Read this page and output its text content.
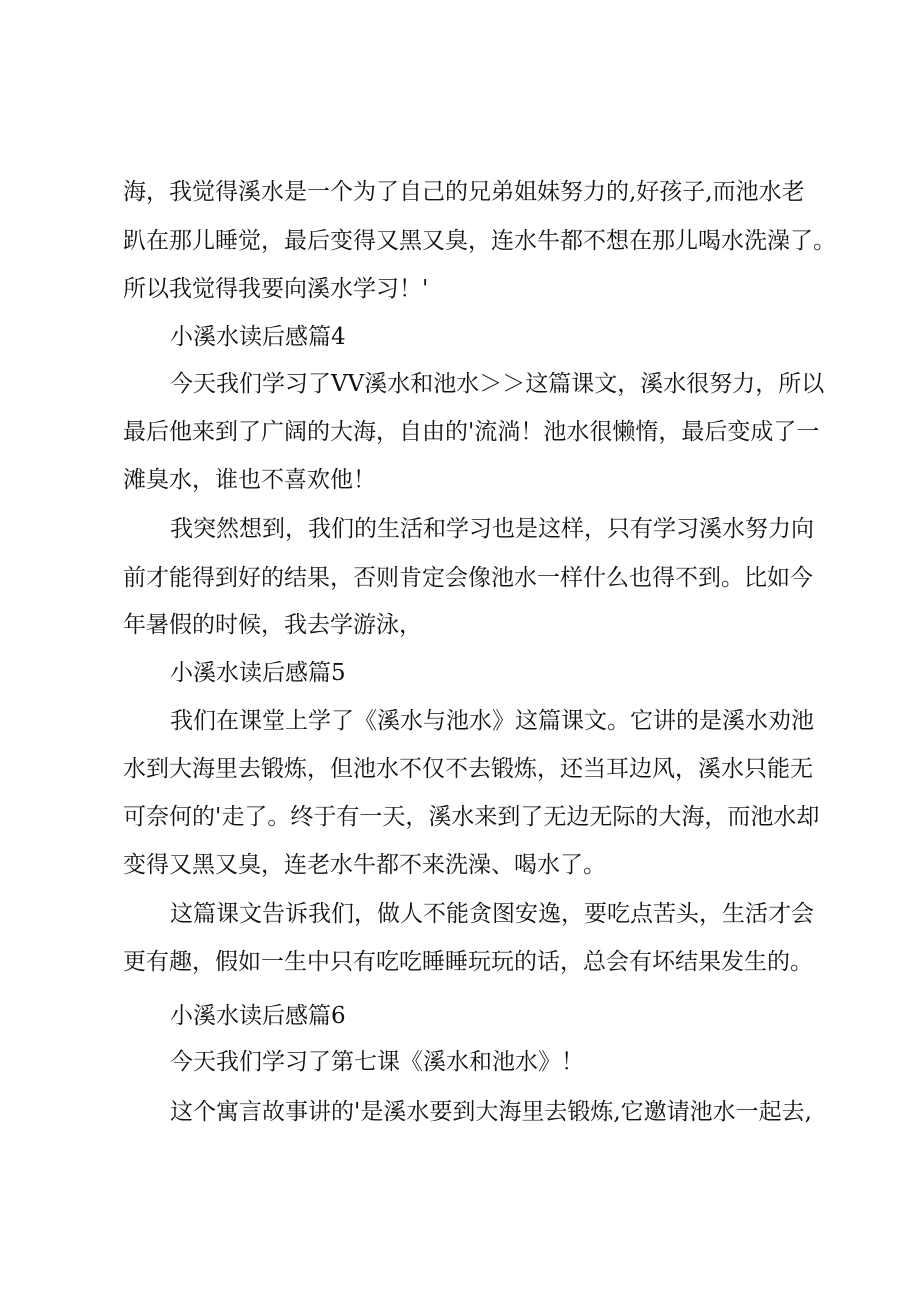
海，我觉得溪水是一个为了自己的兄弟姐妹努力的,好孩子,而池水老
趴在那儿睡觉，最后变得又黑又臭，连水牛都不想在那儿喝水洗澡了。
所以我觉得我要向溪水学习！'
小溪水读后感篇4
今天我们学习了VV溪水和池水＞＞这篇课文，溪水很努力，所以
最后他来到了广阔的大海，自由的'流淌！池水很懒惰，最后变成了一
滩臭水，谁也不喜欢他！
我突然想到，我们的生活和学习也是这样，只有学习溪水努力向
前才能得到好的结果，否则肯定会像池水一样什么也得不到。比如今
年暑假的时候，我去学游泳，
小溪水读后感篇5
我们在课堂上学了《溪水与池水》这篇课文。它讲的是溪水劝池
水到大海里去锻炼，但池水不仅不去锻炼，还当耳边风，溪水只能无
可奈何的'走了。终于有一天，溪水来到了无边无际的大海，而池水却
变得又黑又臭，连老水牛都不来洗澡、喝水了。
这篇课文告诉我们，做人不能贪图安逸，要吃点苦头，生活才会
更有趣，假如一生中只有吃吃睡睡玩玩的话，总会有坏结果发生的。
小溪水读后感篇6
今天我们学习了第七课《溪水和池水》！
这个寓言故事讲的'是溪水要到大海里去锻炼,它邀请池水一起去,
